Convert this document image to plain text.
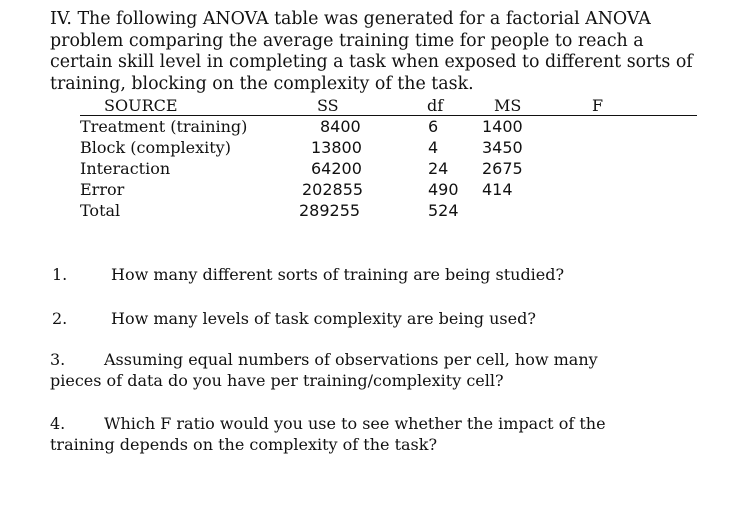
IV. The following ANOVA table was generated for a factorial ANOVA
problem comparing the average training time for people to reach a
certain skill level in completing a task when exposed to different sorts of
training, blocking on the complexity of the task.
SOURCE	SS	df	MS	F
Treatment (training)	8400	6	1400
Block (complexity)	13800	4	3450
Interaction	64200	24 2675
Error	202855	490 414
Total	289255	524
1.	How many different sorts of training are being studied?
2.	How many levels of task complexity are being used?
3. Assuming equal numbers of observations per cell, how many
pieces of data do you have per training/complexity cell?
4. Which F ratio would you use to see whether the impact of the
training depends on the complexity of the task?
